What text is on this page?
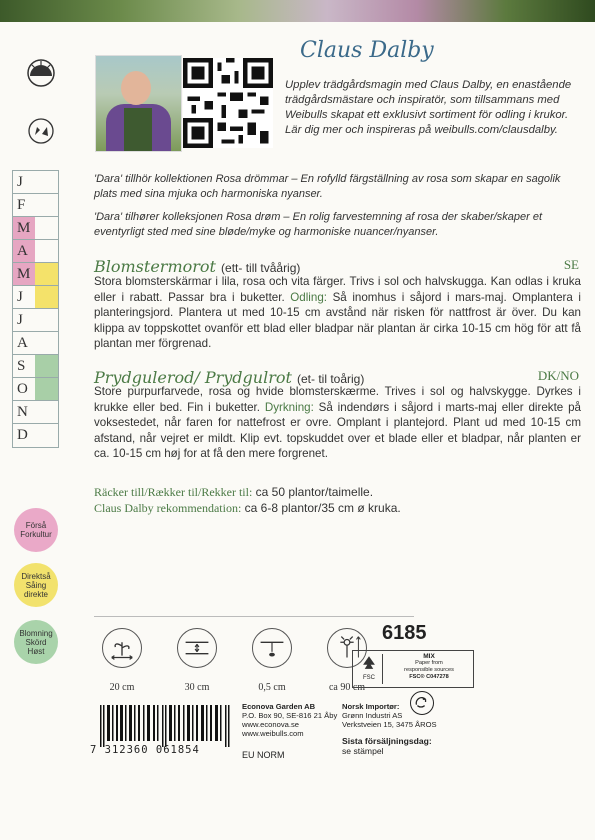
J
F
M
A
M
J
J
A
S
O
N
D
Förså
Forkultur
Direktså
Såing
direkte
Blomning
Skörd
Høst
Claus Dalby
Upplev trädgårdsmagin med Claus Dalby, en enastående trädgårdsmästare och inspiratör, som tillsammans med Weibulls skapat ett exklusivt sortiment för odling i krukor. Lär dig mer och inspireras på weibulls.com/clausdalby.
'Dara' tillhör kollektionen Rosa drömmar – En rofylld färgställning av rosa som skapar en sagolik plats med sina mjuka och harmoniska nyanser.
'Dara' tilhører kolleksjonen Rosa drøm – En rolig farvestemning af rosa der skaber/skaper et eventyrligt sted med sine bløde/myke og harmoniske nuancer/nyanser.
Blomstermorot (ett- till tvåårig)	SE
Stora blomsterskärmar i lila, rosa och vita färger. Trivs i sol och halvskugga. Kan odlas i kruka eller i rabatt. Passar bra i buketter. Odling: Så inomhus i såjord i mars-maj. Omplantera i planteringsjord. Plantera ut med 10-15 cm avstånd när risken för nattfrost är över. Du kan klippa av toppskottet ovanför ett blad eller bladpar när plantan är cirka 10-15 cm hög för att få plantan mer förgrenad.
Prydgulerod/ Prydgulrot (et- til toårig)	DK/NO
Store purpurfarvede, rosa og hvide blomsterskærme. Trives i sol og halvskygge. Dyrkes i krukke eller bed. Fin i buketter. Dyrkning: Så indendørs i såjord i marts-maj eller direkte på voksestedet, når faren for nattefrost er ovre. Omplant i plantejord. Plant ud med 10-15 cm afstand, når vejret er mildt. Klip evt. topskuddet over et blade eller et bladpar, når planten er ca. 10-15 cm høj for at få den mere forgrenet.
Räcker till/Rækker til/Rekker til: ca 50 plantor/taimelle.
Claus Dalby rekommendation: ca 6-8 plantor/35 cm ø kruka.
20 cm	30 cm	0,5 cm	ca 90 cm
6185
FSC
MIX
Paper from
responsible sources
FSC® C047278
7 312360 061854
Econova Garden AB
P.O. Box 90, SE-816 21 Åby
www.econova.se
www.weibulls.com
EU NORM
Norsk Importør:
Grønn Industri AS
Verkstveien 15, 3475 ÅROS
Sista försäljningsdag:
se stämpel
